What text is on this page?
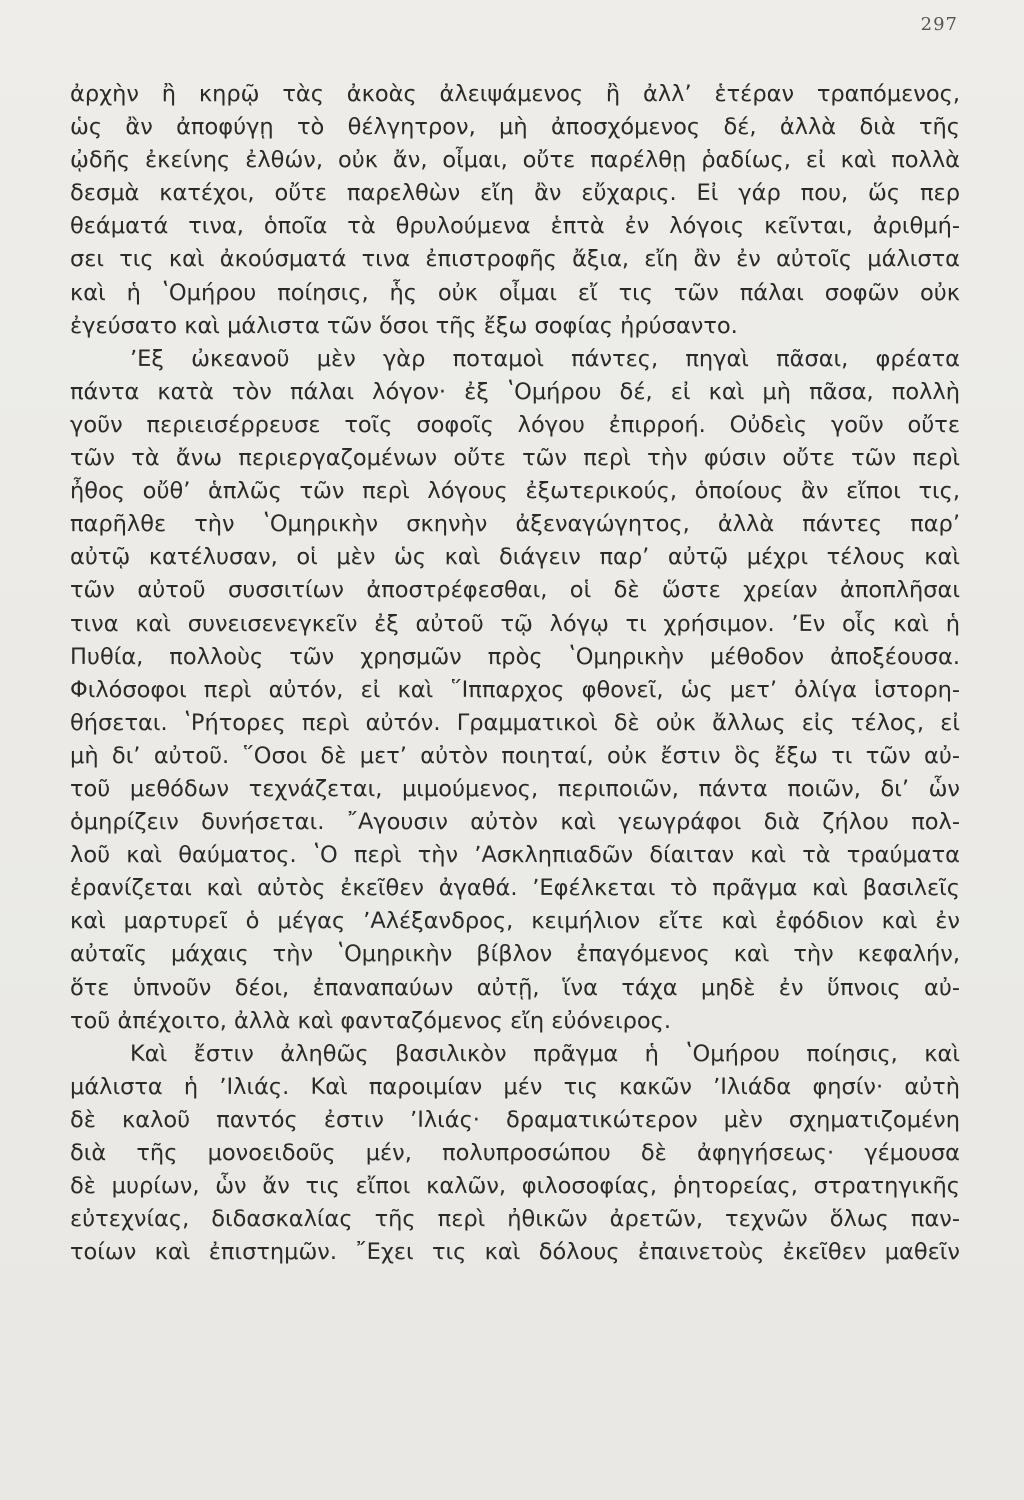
297
ἀρχὴν ἢ κηρῷ τὰς ἀκοὰς ἀλειψάμενος ἢ ἀλλ’ ἑτέραν τραπόμενος,
ὡς ἂν ἀποφύγῃ τὸ θέλγητρον, μὴ ἀποσχόμενος δέ, ἀλλὰ διὰ τῆς
ᾠδῆς ἐκείνης ἐλθών, οὐκ ἄν, οἶμαι, οὔτε παρέλθῃ ῥαδίως, εἰ καὶ πολλὰ
δεσμὰ κατέχοι, οὔτε παρελθὼν εἴη ἂν εὔχαρις. Εἰ γάρ που, ὥς περ
θεάματά τινα, ὁποῖα τὰ θρυλούμενα ἑπτὰ ἐν λόγοις κεῖνται, ἀριθμή-
σει τις καὶ ἀκούσματά τινα ἐπιστροφῆς ἄξια, εἴη ἂν ἐν αὐτοῖς μάλιστα
καὶ ἡ ʽΟμήρου ποίησις, ἧς οὐκ οἶμαι εἴ τις τῶν πάλαι σοφῶν οὐκ
ἐγεύσατο καὶ μάλιστα τῶν ὅσοι τῆς ἔξω σοφίας ἠρύσαντο.
ʼΕξ ὠκεανοῦ μὲν γὰρ ποταμοὶ πάντες, πηγαὶ πᾶσαι, φρέατα
πάντα κατὰ τὸν πάλαι λόγον· ἐξ ʽΟμήρου δέ, εἰ καὶ μὴ πᾶσα, πολλὴ
γοῦν περιεισέρρευσε τοῖς σοφοῖς λόγου ἐπιρροή. Οὐδεὶς γοῦν οὔτε
τῶν τὰ ἄνω περιεργαζομένων οὔτε τῶν περὶ τὴν φύσιν οὔτε τῶν περὶ
ἦθος οὔθ’ ἁπλῶς τῶν περὶ λόγους ἐξωτερικούς, ὁποίους ἂν εἴποι τις,
παρῆλθε τὴν ʽΟμηρικὴν σκηνὴν ἀξεναγώγητος, ἀλλὰ πάντες παρ’
αὐτῷ κατέλυσαν, οἱ μὲν ὡς καὶ διάγειν παρ’ αὐτῷ μέχρι τέλους καὶ
τῶν αὐτοῦ συσσιτίων ἀποστρέφεσθαι, οἱ δὲ ὥστε χρείαν ἀποπλῆσαι
τινα καὶ συνεισενεγκεῖν ἐξ αὐτοῦ τῷ λόγῳ τι χρήσιμον. ʼΕν οἷς καὶ ἡ
Πυθία, πολλοὺς τῶν χρησμῶν πρὸς ʽΟμηρικὴν μέθοδον ἀποξέουσα.
Φιλόσοφοι περὶ αὐτόν, εἰ καὶ ῞Ιππαρχος φθονεῖ, ὡς μετ’ ὀλίγα ἱστορη-
θήσεται. ʽΡήτορες περὶ αὐτόν. Γραμματικοὶ δὲ οὐκ ἄλλως εἰς τέλος, εἰ
μὴ δι’ αὐτοῦ. ῞Οσοι δὲ μετ’ αὐτὸν ποιηταί, οὐκ ἔστιν ὃς ἔξω τι τῶν αὐ-
τοῦ μεθόδων τεχνάζεται, μιμούμενος, περιποιῶν, πάντα ποιῶν, δι’ ὧν
ὁμηρίζειν δυνήσεται. ῎Αγουσιν αὐτὸν καὶ γεωγράφοι διὰ ζήλου πολ-
λοῦ καὶ θαύματος. ʽΟ περὶ τὴν ʼΑσκληπιαδῶν δίαιταν καὶ τὰ τραύματα
ἐρανίζεται καὶ αὐτὸς ἐκεῖθεν ἀγαθά. ʼΕφέλκεται τὸ πρᾶγμα καὶ βασιλεῖς
καὶ μαρτυρεῖ ὁ μέγας ʼΑλέξανδρος, κειμήλιον εἴτε καὶ ἐφόδιον καὶ ἐν
αὐταῖς μάχαις τὴν ʽΟμηρικὴν βίβλον ἐπαγόμενος καὶ τὴν κεφαλήν,
ὅτε ὑπνοῦν δέοι, ἐπαναπαύων αὐτῇ, ἵνα τάχα μηδὲ ἐν ὕπνοις αὐ-
τοῦ ἀπέχοιτο, ἀλλὰ καὶ φανταζόμενος εἴη εὐόνειρος.
Καὶ ἔστιν ἀληθῶς βασιλικὸν πρᾶγμα ἡ ʽΟμήρου ποίησις, καὶ
μάλιστα ἡ ʼΙλιάς. Καὶ παροιμίαν μέν τις κακῶν ʼΙλιάδα φησίν· αὐτὴ
δὲ καλοῦ παντός ἐστιν ʼΙλιάς· δραματικώτερον μὲν σχηματιζομένη
διὰ τῆς μονοειδοῦς μέν, πολυπροσώπου δὲ ἀφηγήσεως· γέμουσα
δὲ μυρίων, ὧν ἄν τις εἴποι καλῶν, φιλοσοφίας, ῥητορείας, στρατηγικῆς
εὐτεχνίας, διδασκαλίας τῆς περὶ ἠθικῶν ἀρετῶν, τεχνῶν ὅλως παν-
τοίων καὶ ἐπιστημῶν. ῎Εχει τις καὶ δόλους ἐπαινετοὺς ἐκεῖθεν μαθεῖν
